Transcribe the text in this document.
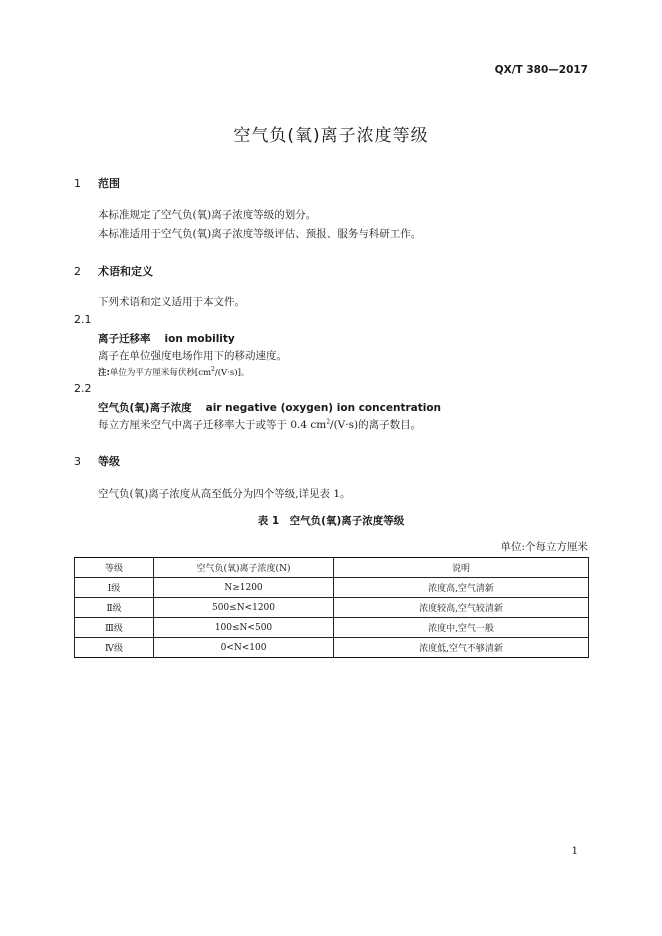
QX/T 380—2017
空气负(氧)离子浓度等级
1 范围
本标准规定了空气负(氧)离子浓度等级的划分。
本标准适用于空气负(氧)离子浓度等级评估、预报、服务与科研工作。
2 术语和定义
下列术语和定义适用于本文件。
2.1
离子迁移率 ion mobility
离子在单位强度电场作用下的移动速度。
注:单位为平方厘米每伏秒$[cm^2/(V\cdot s)]$。
2.2
空气负(氧)离子浓度 air negative (oxygen) ion concentration
每立方厘米空气中离子迁移率大于或等于 0.4 $cm^2/(V\cdot s)$的离子数目。
3 等级
空气负(氧)离子浓度从高至低分为四个等级,详见表 1。
表 1　空气负(氧)离子浓度等级
单位:个每立方厘米
等级	空气负(氧)离子浓度(N)	说明
Ⅰ级	N≥1200	浓度高,空气清新
Ⅱ级	500≤N<1200	浓度较高,空气较清新
Ⅲ级	100≤N<500	浓度中,空气一般
Ⅳ级	0<N<100	浓度低,空气不够清新
1
